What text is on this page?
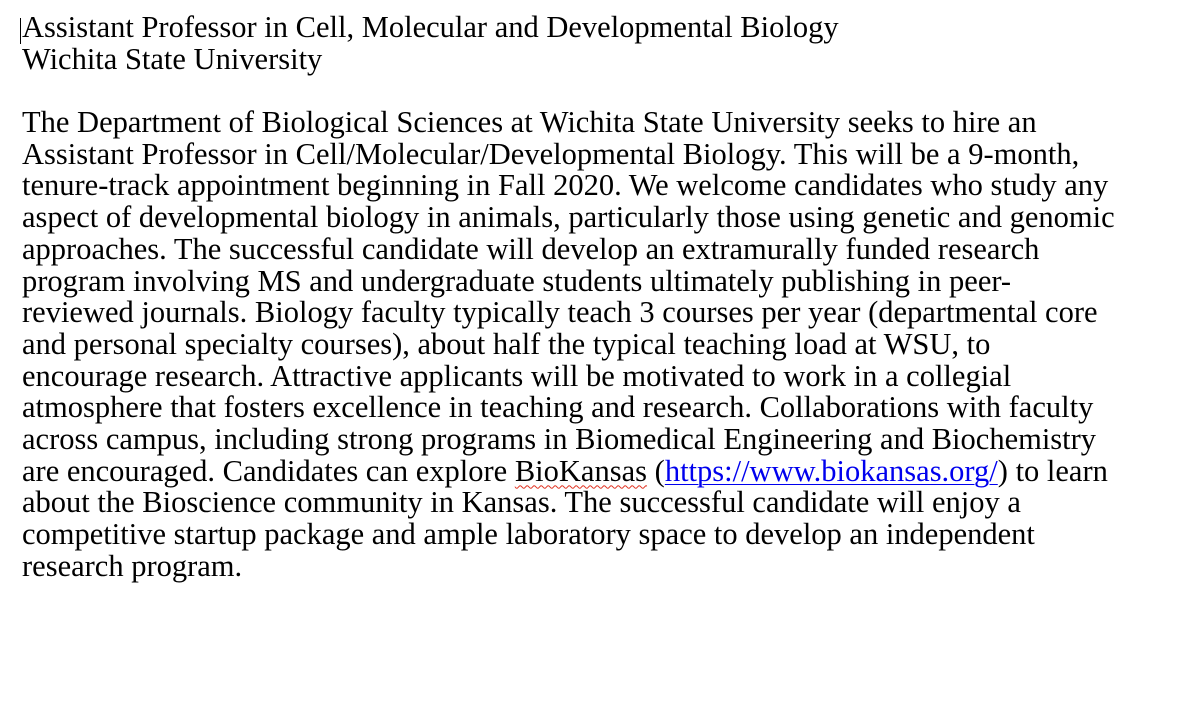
Assistant Professor in Cell, Molecular and Developmental Biology
Wichita State University
The Department of Biological Sciences at Wichita State University seeks to hire an
Assistant Professor in Cell/Molecular/Developmental Biology. This will be a 9-month,
tenure-track appointment beginning in Fall 2020. We welcome candidates who study any
aspect of developmental biology in animals, particularly those using genetic and genomic
approaches. The successful candidate will develop an extramurally funded research
program involving MS and undergraduate students ultimately publishing in peer-
reviewed journals. Biology faculty typically teach 3 courses per year (departmental core
and personal specialty courses), about half the typical teaching load at WSU, to
encourage research. Attractive applicants will be motivated to work in a collegial
atmosphere that fosters excellence in teaching and research. Collaborations with faculty
across campus, including strong programs in Biomedical Engineering and Biochemistry
are encouraged. Candidates can explore BioKansas (https://www.biokansas.org/) to learn
about the Bioscience community in Kansas. The successful candidate will enjoy a
competitive startup package and ample laboratory space to develop an independent
research program.
